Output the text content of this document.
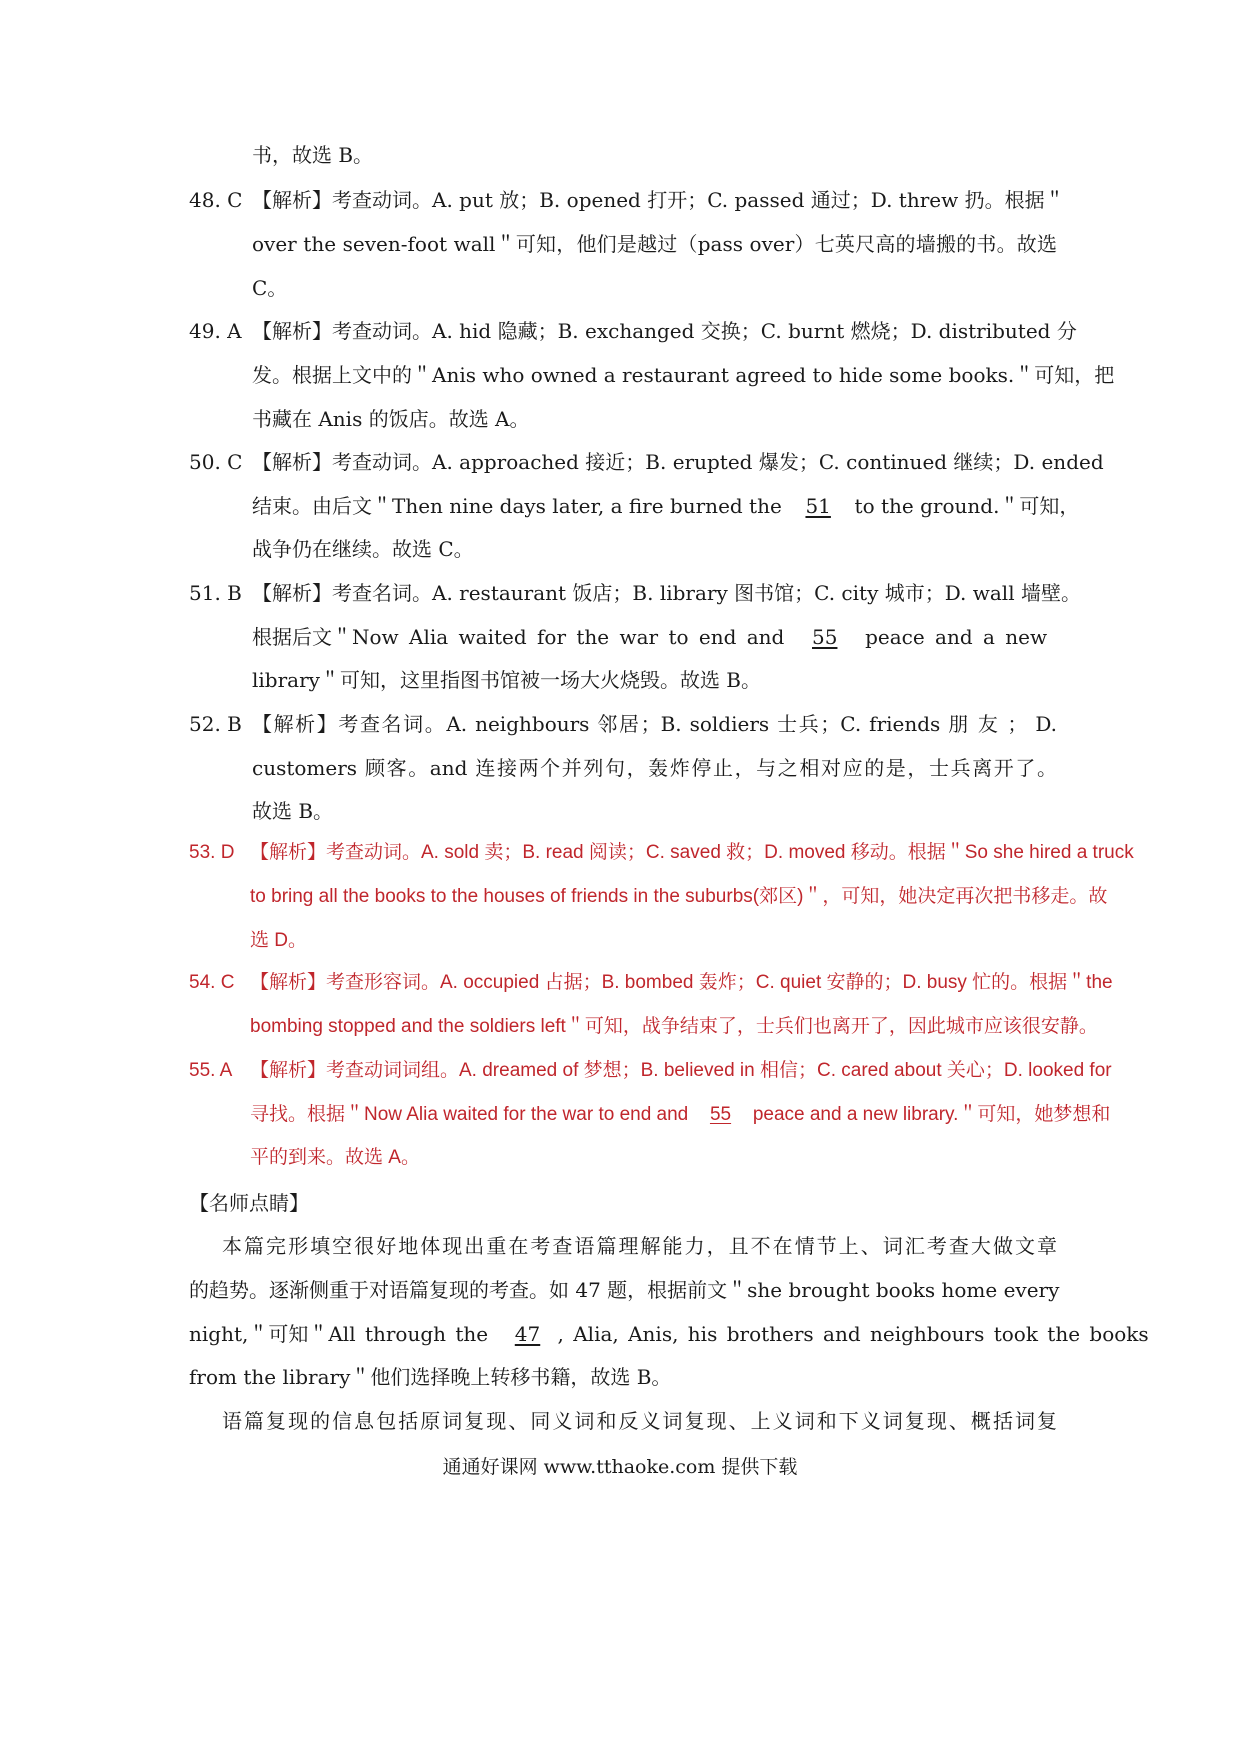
书，故选 B。

48. C 【解析】考查动词。A. put 放；B. opened 打开；C. passed 通过；D. threw 扔。根据＂

over the seven-foot wall＂可知，他们是越过（pass over）七英尺高的墙搬的书。故选

C。

49. A 【解析】考查动词。A. hid 隐藏；B. exchanged 交换；C. burnt 燃烧；D. distributed 分

发。根据上文中的＂Anis who owned a restaurant agreed to hide some books.＂可知，把

书藏在 Anis 的饭店。故选 A。

50. C 【解析】考查动词。A. approached 接近；B. erupted 爆发；C. continued 继续；D. ended

结束。由后文＂Then nine days later, a fire burned the 51 to the ground.＂可知，

战争仍在继续。故选 C。

51. B 【解析】考查名词。A. restaurant 饭店；B. library 图书馆；C. city 城市；D. wall 墙壁。

根据后文＂Now Alia waited for the war to end and 55 peace and a new

library＂可知，这里指图书馆被一场大火烧毁。故选 B。

52. B 【解析】考查名词。A. neighbours 邻居；B. soldiers 士兵；C. friends 朋 友 ； D.

customers 顾客。and 连接两个并列句，轰炸停止，与之相对应的是，士兵离开了。

故选 B。

53. D 【解析】考查动词。A. sold 卖；B. read 阅读；C. saved 救；D. moved 移动。根据＂So she hired a truck

to bring all the books to the houses of friends in the suburbs(郊区)＂，可知，她决定再次把书移走。故

选 D。

54. C 【解析】考查形容词。A. occupied 占据；B. bombed 轰炸；C. quiet 安静的；D. busy 忙的。根据＂the

bombing stopped and the soldiers left＂可知，战争结束了，士兵们也离开了，因此城市应该很安静。

55. A 【解析】考查动词词组。A. dreamed of 梦想；B. believed in 相信；C. cared about 关心；D. looked for

寻找。根据＂Now Alia waited for the war to end and 55 peace and a new library.＂可知，她梦想和

平的到来。故选 A。

【名师点睛】

本篇完形填空很好地体现出重在考查语篇理解能力，且不在情节上、词汇考查大做文章

的趋势。逐渐侧重于对语篇复现的考查。如 47 题，根据前文＂she brought books home every

night,＂可知＂All through the 47 , Alia, Anis, his brothers and neighbours took the books

from the library＂他们选择晚上转移书籍，故选 B。

语篇复现的信息包括原词复现、同义词和反义词复现、上义词和下义词复现、概括词复

通通好课网 www.tthaoke.com 提供下载
